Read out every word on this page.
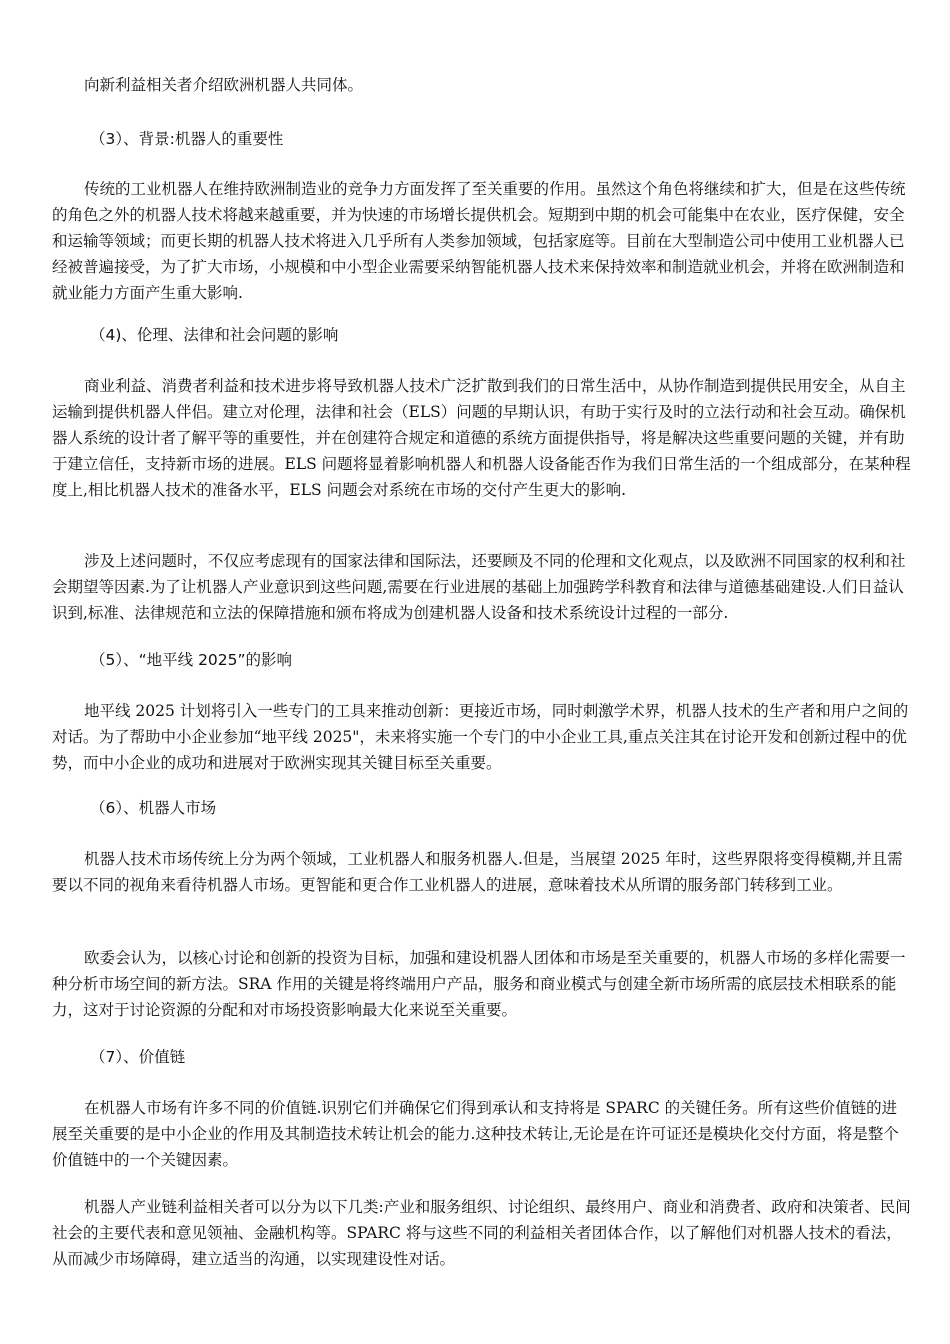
向新利益相关者介绍欧洲机器人共同体。

（3）、背景:机器人的重要性

传统的工业机器人在维持欧洲制造业的竞争力方面发挥了至关重要的作用。虽然这个角色将继续和扩大，但是在这些传统的角色之外的机器人技术将越来越重要，并为快速的市场增长提供机会。短期到中期的机会可能集中在农业，医疗保健，安全和运输等领域；而更长期的机器人技术将进入几乎所有人类参加领域，包括家庭等。目前在大型制造公司中使用工业机器人已经被普遍接受，为了扩大市场，小规模和中小型企业需要采纳智能机器人技术来保持效率和制造就业机会，并将在欧洲制造和就业能力方面产生重大影响.

（4)、伦理、法律和社会问题的影响

商业利益、消费者利益和技术进步将导致机器人技术广泛扩散到我们的日常生活中，从协作制造到提供民用安全，从自主运输到提供机器人伴侣。建立对伦理，法律和社会（ELS）问题的早期认识，有助于实行及时的立法行动和社会互动。确保机器人系统的设计者了解平等的重要性，并在创建符合规定和道德的系统方面提供指导，将是解决这些重要问题的关键，并有助于建立信任，支持新市场的进展。ELS 问题将显着影响机器人和机器人设备能否作为我们日常生活的一个组成部分，在某种程度上,相比机器人技术的准备水平，ELS 问题会对系统在市场的交付产生更大的影响.

涉及上述问题时，不仅应考虑现有的国家法律和国际法，还要顾及不同的伦理和文化观点，以及欧洲不同国家的权利和社会期望等因素.为了让机器人产业意识到这些问题,需要在行业进展的基础上加强跨学科教育和法律与道德基础建设.人们日益认识到,标准、法律规范和立法的保障措施和颁布将成为创建机器人设备和技术系统设计过程的一部分.

（5）、“地平线 2025”的影响

地平线 2025 计划将引入一些专门的工具来推动创新：更接近市场，同时刺激学术界，机器人技术的生产者和用户之间的对话。为了帮助中小企业参加“地平线 2025"，未来将实施一个专门的中小企业工具,重点关注其在讨论开发和创新过程中的优势，而中小企业的成功和进展对于欧洲实现其关键目标至关重要。

（6）、机器人市场

机器人技术市场传统上分为两个领域，工业机器人和服务机器人.但是，当展望 2025 年时，这些界限将变得模糊,并且需要以不同的视角来看待机器人市场。更智能和更合作工业机器人的进展，意味着技术从所谓的服务部门转移到工业。

欧委会认为，以核心讨论和创新的投资为目标，加强和建设机器人团体和市场是至关重要的，机器人市场的多样化需要一种分析市场空间的新方法。SRA 作用的关键是将终端用户产品，服务和商业模式与创建全新市场所需的底层技术相联系的能力，这对于讨论资源的分配和对市场投资影响最大化来说至关重要。

（7）、价值链

在机器人市场有许多不同的价值链.识别它们并确保它们得到承认和支持将是 SPARC 的关键任务。所有这些价值链的进展至关重要的是中小企业的作用及其制造技术转让机会的能力.这种技术转让,无论是在许可证还是模块化交付方面，将是整个价值链中的一个关键因素。

机器人产业链利益相关者可以分为以下几类:产业和服务组织、讨论组织、最终用户、商业和消费者、政府和决策者、民间社会的主要代表和意见领袖、金融机构等。SPARC 将与这些不同的利益相关者团体合作，以了解他们对机器人技术的看法，从而减少市场障碍，建立适当的沟通，以实现建设性对话。
